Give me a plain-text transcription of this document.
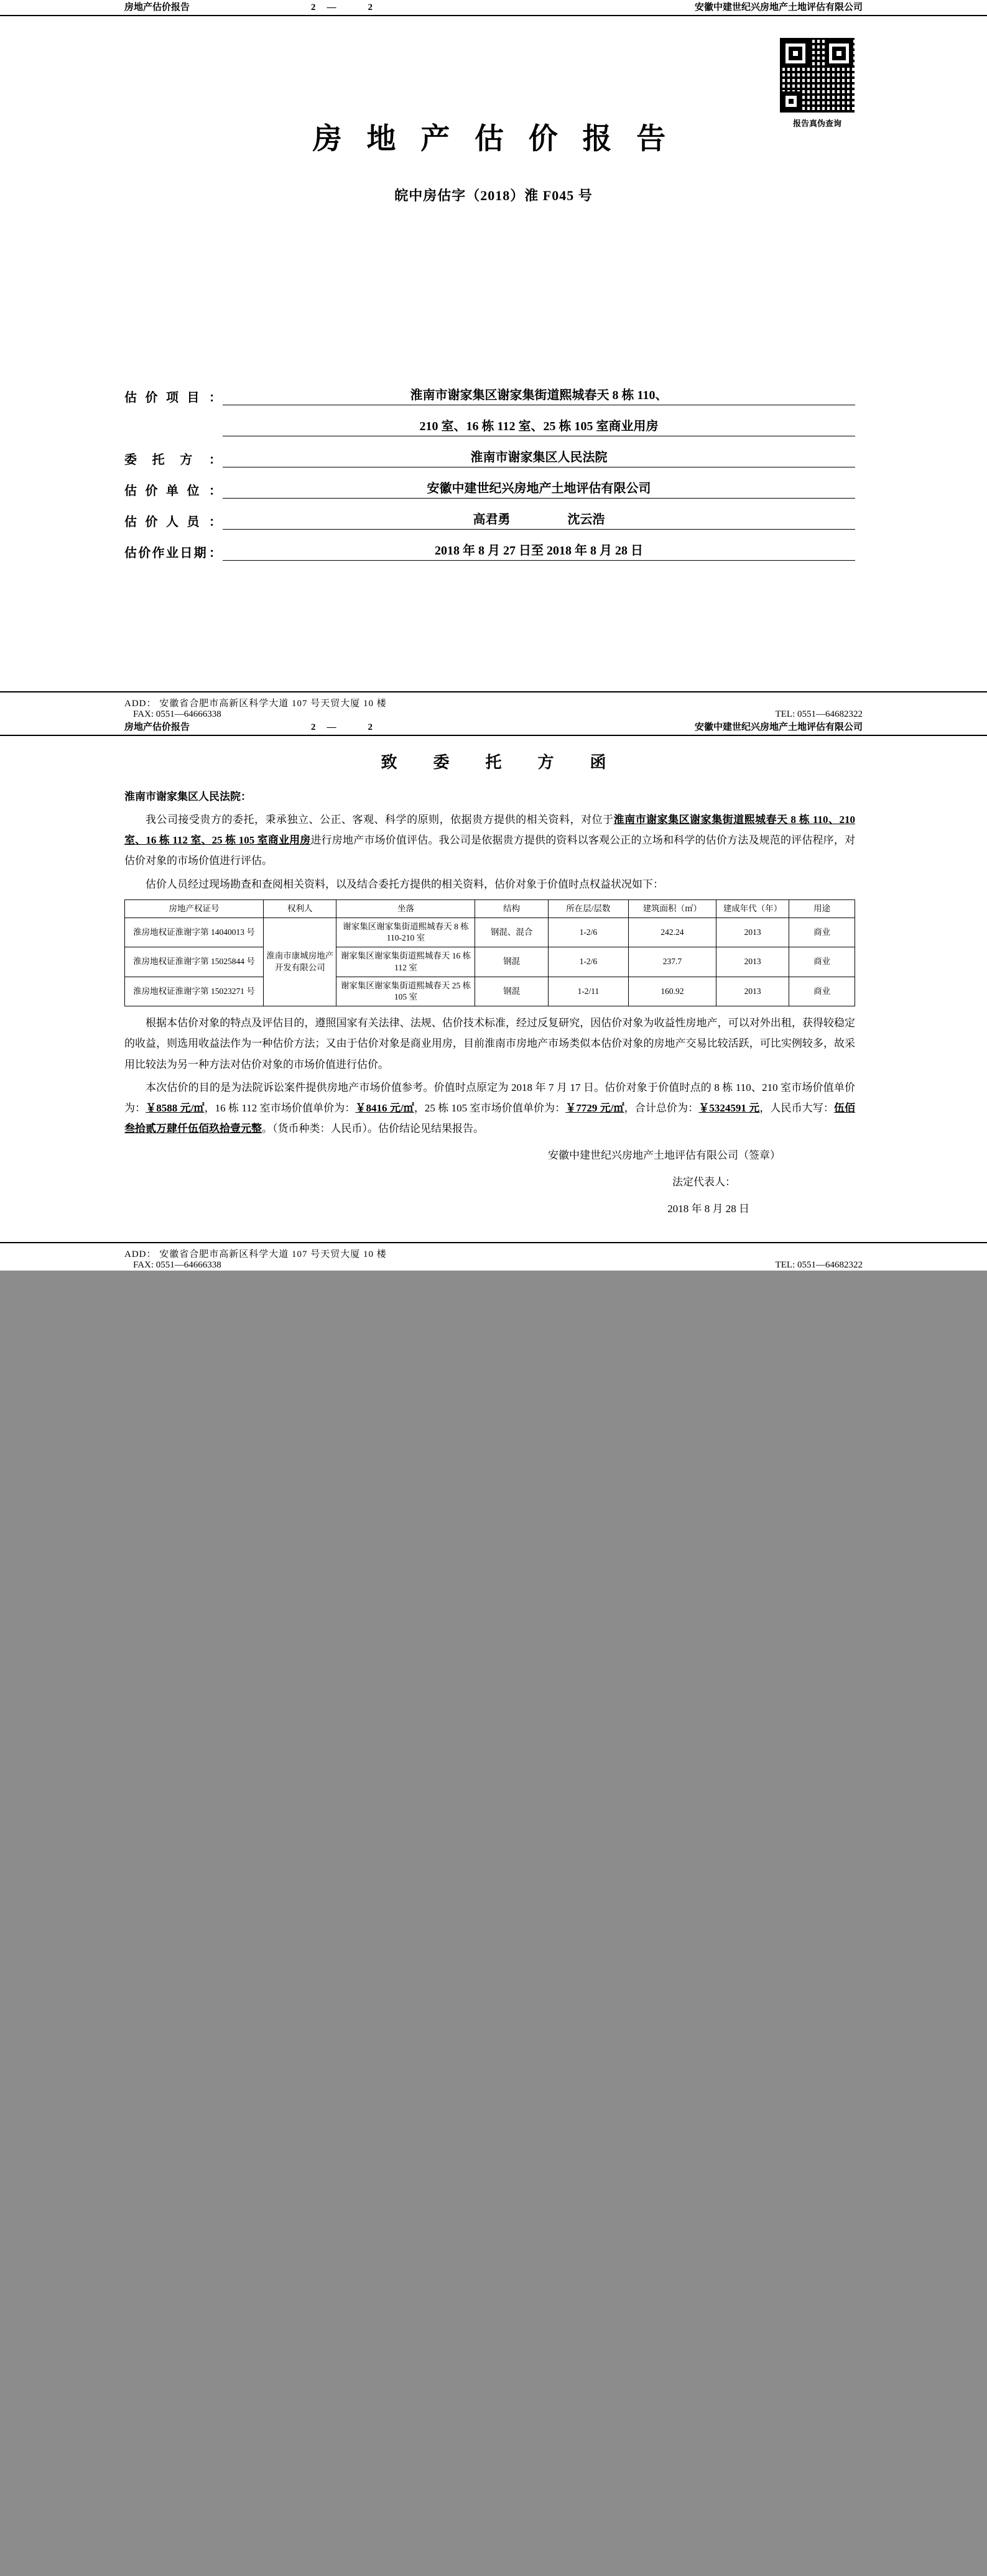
房地产估价报告	2—　2	安徽中建世纪兴房地产土地评估有限公司
报告真伪查询
房 地 产 估 价 报 告
皖中房估字（2018）淮 F045 号
估 价 项 目 ：	淮南市谢家集区谢家集街道熙城春天 8 栋 110、
210 室、16 栋 112 室、25 栋 105 室商业用房
委 托 方 ：	淮南市谢家集区人民法院
估 价 单 位 ：	安徽中建世纪兴房地产土地评估有限公司
估 价 人 员 ：	高君勇	沈云浩
估 价 作 业 日 期 ：	2018 年 8 月 27 日至 2018 年 8 月 28 日
ADD： 安徽省合肥市高新区科学大道 107 号天贸大厦 10 楼
FAX: 0551—64666338	TEL: 0551—64682322
房地产估价报告	2—　2	安徽中建世纪兴房地产土地评估有限公司
致　委　托　方　函
淮南市谢家集区人民法院：

我公司接受贵方的委托，秉承独立、公正、客观、科学的原则，依据贵方提供的相关资料，对位于淮南市谢家集区谢家集街道熙城春天 8 栋 110、210 室、16 栋 112 室、25 栋 105 室商业用房进行房地产市场价值评估。我公司是依据贵方提供的资料以客观公正的立场和科学的估价方法及规范的评估程序，对估价对象的市场价值进行评估。

估价人员经过现场勘查和查阅相关资料，以及结合委托方提供的相关资料，估价对象于价值时点权益状况如下：

房地产权证号	权利人	坐落	结构	所在层/层数	建筑面积（㎡）	建成年代（年）	用途
淮房地权证淮谢字第 14040013 号	淮南市康城房地产开发有限公司	谢家集区谢家集街道熙城春天 8 栋 110-210 室	钢混、混合	1-2/6	242.24	2013	商业
淮房地权证淮谢字第 15025844 号		谢家集区谢家集街道熙城春天 16 栋 112 室	钢混	1-2/6	237.7	2013	商业
淮房地权证淮谢字第 15023271 号		谢家集区谢家集街道熙城春天 25 栋 105 室	钢混	1-2/11	160.92	2013	商业

根据本估价对象的特点及评估目的，遵照国家有关法律、法规、估价技术标准，经过反复研究，因估价对象为收益性房地产，可以对外出租，获得较稳定的收益，则选用收益法作为一种估价方法；又由于估价对象是商业用房，目前淮南市房地产市场类似本估价对象的房地产交易比较活跃，可比实例较多，故采用比较法为另一种方法对估价对象的市场价值进行估价。

本次估价的目的是为法院诉讼案件提供房地产市场价值参考。价值时点原定为 2018 年 7 月 17 日。估价对象于价值时点的 8 栋 110、210 室市场价值单价为：￥8588 元/㎡，16 栋 112 室市场价值单价为：￥8416 元/㎡，25 栋 105 室市场价值单价为：￥7729 元/㎡，合计总价为：￥5324591 元，人民币大写：伍佰叁拾贰万肆仟伍佰玖拾壹元整。（货币种类：人民币）。估价结论见结果报告。

安徽中建世纪兴房地产土地评估有限公司（签章）
法定代表人：
2018 年 8 月 28 日
ADD： 安徽省合肥市高新区科学大道 107 号天贸大厦 10 楼
FAX: 0551—64666338	TEL: 0551—64682322
